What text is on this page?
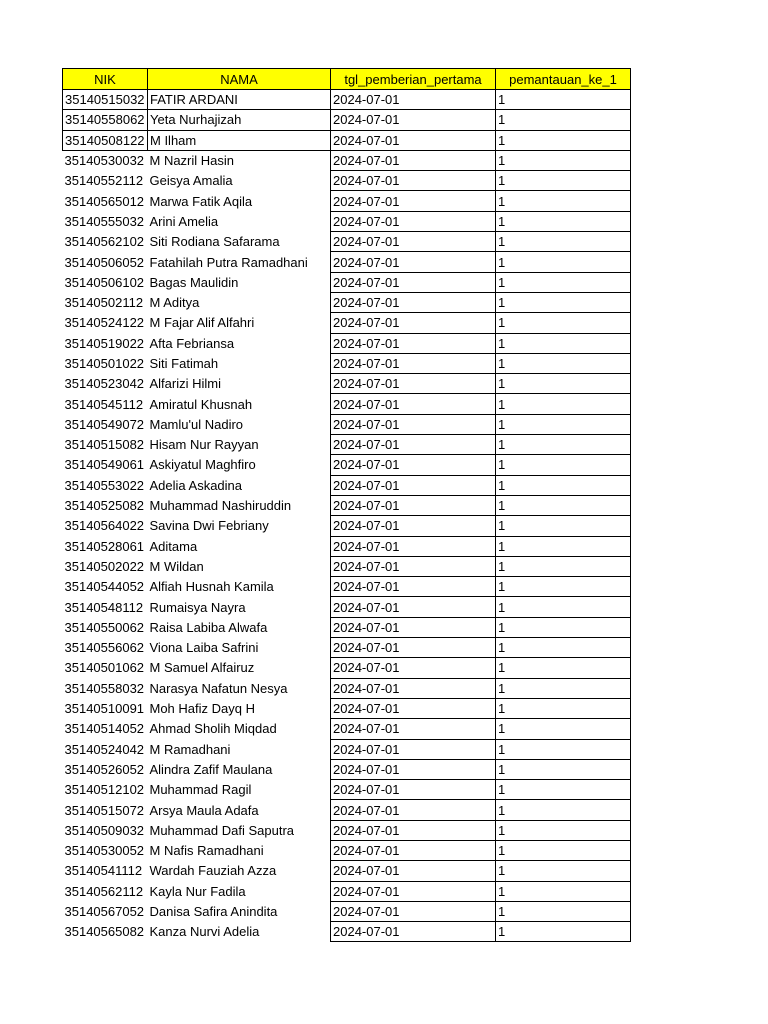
NIK	NAMA	tgl_pemberian_pertama	pemantauan_ke_1
35140515032	FATIR ARDANI	2024-07-01	1
35140558062	Yeta Nurhajizah	2024-07-01	1
35140508122	M Ilham	2024-07-01	1
35140530032	M Nazril Hasin	2024-07-01	1
35140552112	Geisya Amalia	2024-07-01	1
35140565012	Marwa Fatik Aqila	2024-07-01	1
35140555032	Arini Amelia	2024-07-01	1
35140562102	Siti Rodiana Safarama	2024-07-01	1
35140506052	Fatahilah Putra Ramadhani	2024-07-01	1
35140506102	Bagas Maulidin	2024-07-01	1
35140502112	M Aditya	2024-07-01	1
35140524122	M Fajar Alif Alfahri	2024-07-01	1
35140519022	Afta Febriansa	2024-07-01	1
35140501022	Siti Fatimah	2024-07-01	1
35140523042	Alfarizi Hilmi	2024-07-01	1
35140545112	Amiratul Khusnah	2024-07-01	1
35140549072	Mamlu'ul Nadiro	2024-07-01	1
35140515082	Hisam Nur Rayyan	2024-07-01	1
35140549061	Askiyatul Maghfiro	2024-07-01	1
35140553022	Adelia Askadina	2024-07-01	1
35140525082	Muhammad Nashiruddin	2024-07-01	1
35140564022	Savina Dwi Febriany	2024-07-01	1
35140528061	Aditama	2024-07-01	1
35140502022	M Wildan	2024-07-01	1
35140544052	Alfiah Husnah Kamila	2024-07-01	1
35140548112	Rumaisya Nayra	2024-07-01	1
35140550062	Raisa Labiba Alwafa	2024-07-01	1
35140556062	Viona Laiba Safrini	2024-07-01	1
35140501062	M Samuel Alfairuz	2024-07-01	1
35140558032	Narasya Nafatun Nesya	2024-07-01	1
35140510091	Moh Hafiz Dayq H	2024-07-01	1
35140514052	Ahmad Sholih Miqdad	2024-07-01	1
35140524042	M Ramadhani	2024-07-01	1
35140526052	Alindra Zafif Maulana	2024-07-01	1
35140512102	Muhammad Ragil	2024-07-01	1
35140515072	Arsya Maula Adafa	2024-07-01	1
35140509032	Muhammad Dafi Saputra	2024-07-01	1
35140530052	M Nafis Ramadhani	2024-07-01	1
35140541112	Wardah Fauziah Azza	2024-07-01	1
35140562112	Kayla Nur Fadila	2024-07-01	1
35140567052	Danisa Safira Anindita	2024-07-01	1
35140565082	Kanza Nurvi Adelia	2024-07-01	1
